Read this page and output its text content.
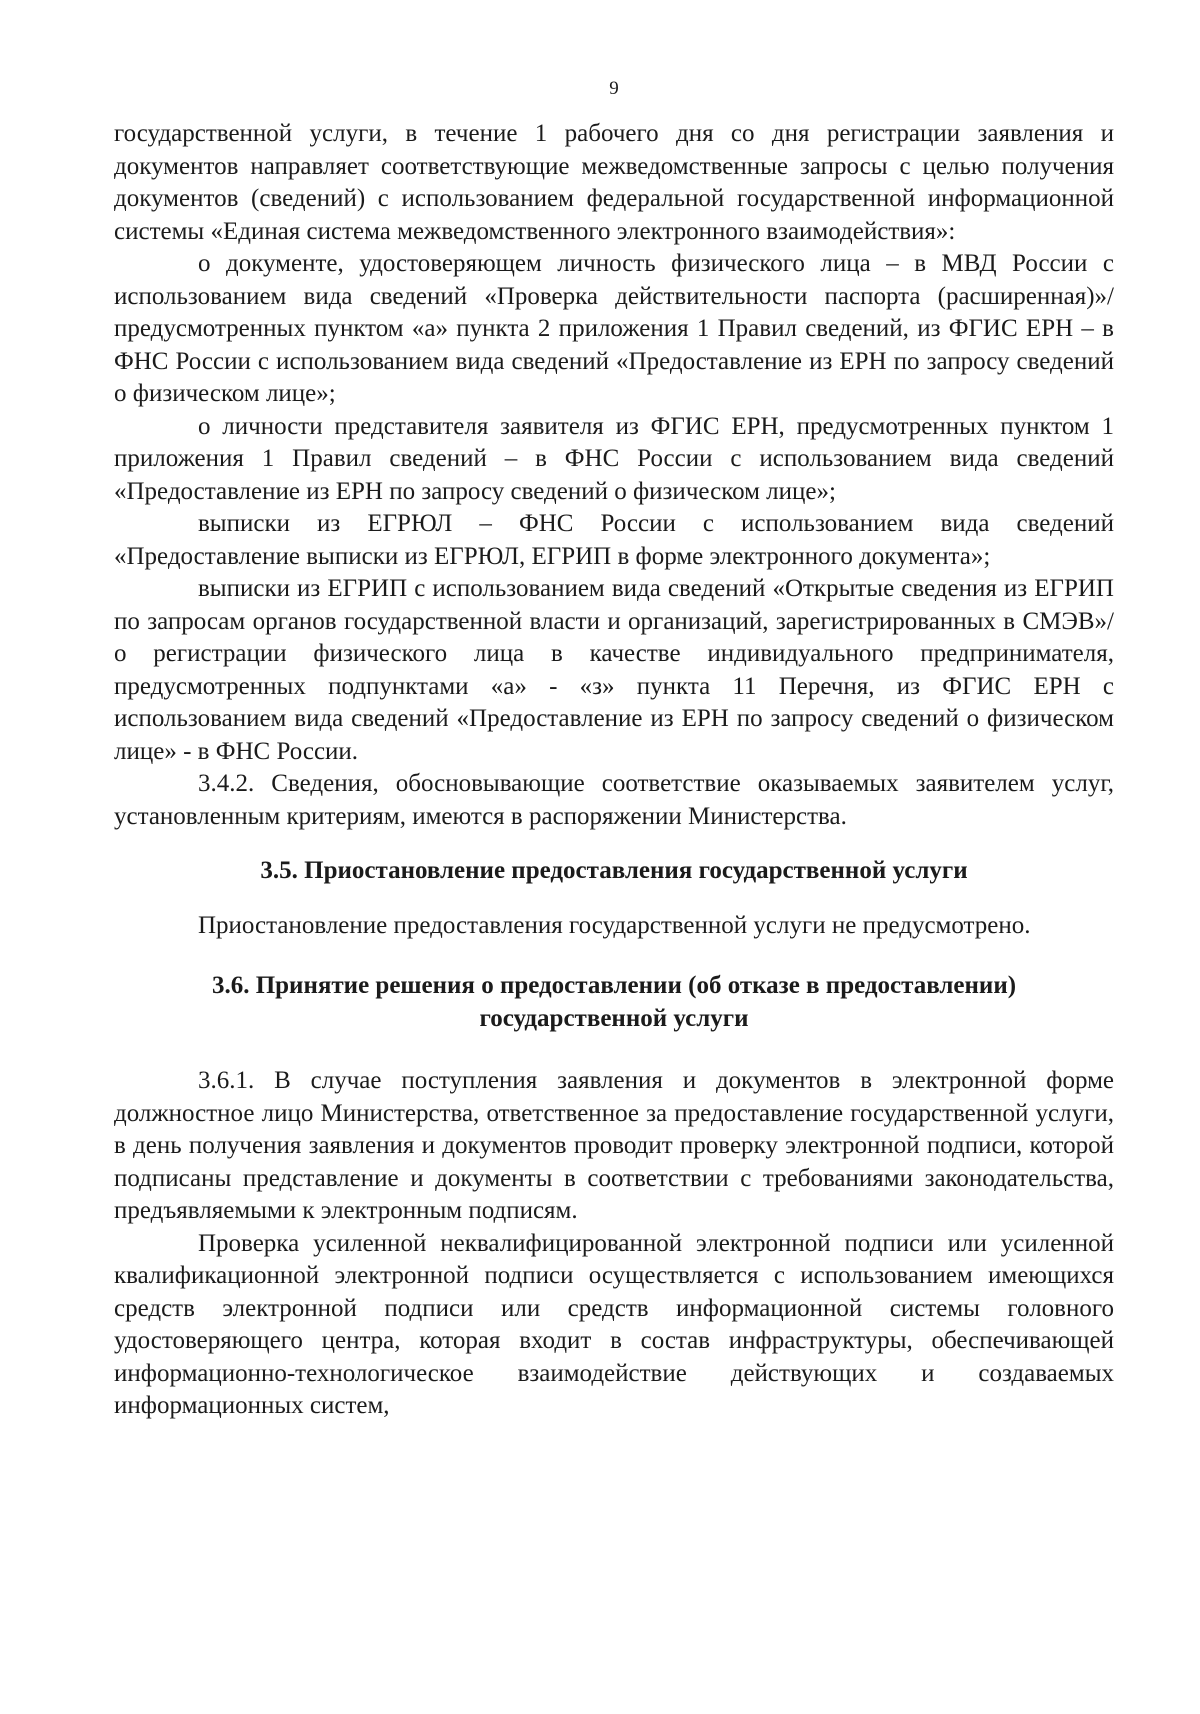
9

государственной услуги, в течение 1 рабочего дня со дня регистрации заявления и документов направляет соответствующие межведомственные запросы с целью получения документов (сведений) с использованием федеральной государственной информационной системы «Единая система межведомственного электронного взаимодействия»:

о документе, удостоверяющем личность физического лица – в МВД России с использованием вида сведений «Проверка действительности паспорта (расширенная)»/предусмотренных пунктом «а» пункта 2 приложения 1 Правил сведений, из ФГИС ЕРН – в ФНС России с использованием вида сведений «Предоставление из ЕРН по запросу сведений о физическом лице»;

о личности представителя заявителя из ФГИС ЕРН, предусмотренных пунктом 1 приложения 1 Правил сведений – в ФНС России с использованием вида сведений «Предоставление из ЕРН по запросу сведений о физическом лице»;

выписки из ЕГРЮЛ – ФНС России с использованием вида сведений «Предоставление выписки из ЕГРЮЛ, ЕГРИП в форме электронного документа»;

выписки из ЕГРИП с использованием вида сведений «Открытые сведения из ЕГРИП по запросам органов государственной власти и организаций, зарегистрированных в СМЭВ»/о регистрации физического лица в качестве индивидуального предпринимателя, предусмотренных подпунктами «а» - «з» пункта 11 Перечня, из ФГИС ЕРН с использованием вида сведений «Предоставление из ЕРН по запросу сведений о физическом лице» - в ФНС России.

3.4.2. Сведения, обосновывающие соответствие оказываемых заявителем услуг, установленным критериям, имеются в распоряжении Министерства.

3.5. Приостановление предоставления государственной услуги

Приостановление предоставления государственной услуги не предусмотрено.

3.6. Принятие решения о предоставлении (об отказе в предоставлении)
государственной услуги

3.6.1. В случае поступления заявления и документов в электронной форме должностное лицо Министерства, ответственное за предоставление государственной услуги, в день получения заявления и документов проводит проверку электронной подписи, которой подписаны представление и документы в соответствии с требованиями законодательства, предъявляемыми к электронным подписям.

Проверка усиленной неквалифицированной электронной подписи или усиленной квалификационной электронной подписи осуществляется с использованием имеющихся средств электронной подписи или средств информационной системы головного удостоверяющего центра, которая входит в состав инфраструктуры, обеспечивающей информационно-технологическое взаимодействие действующих и создаваемых информационных систем,
